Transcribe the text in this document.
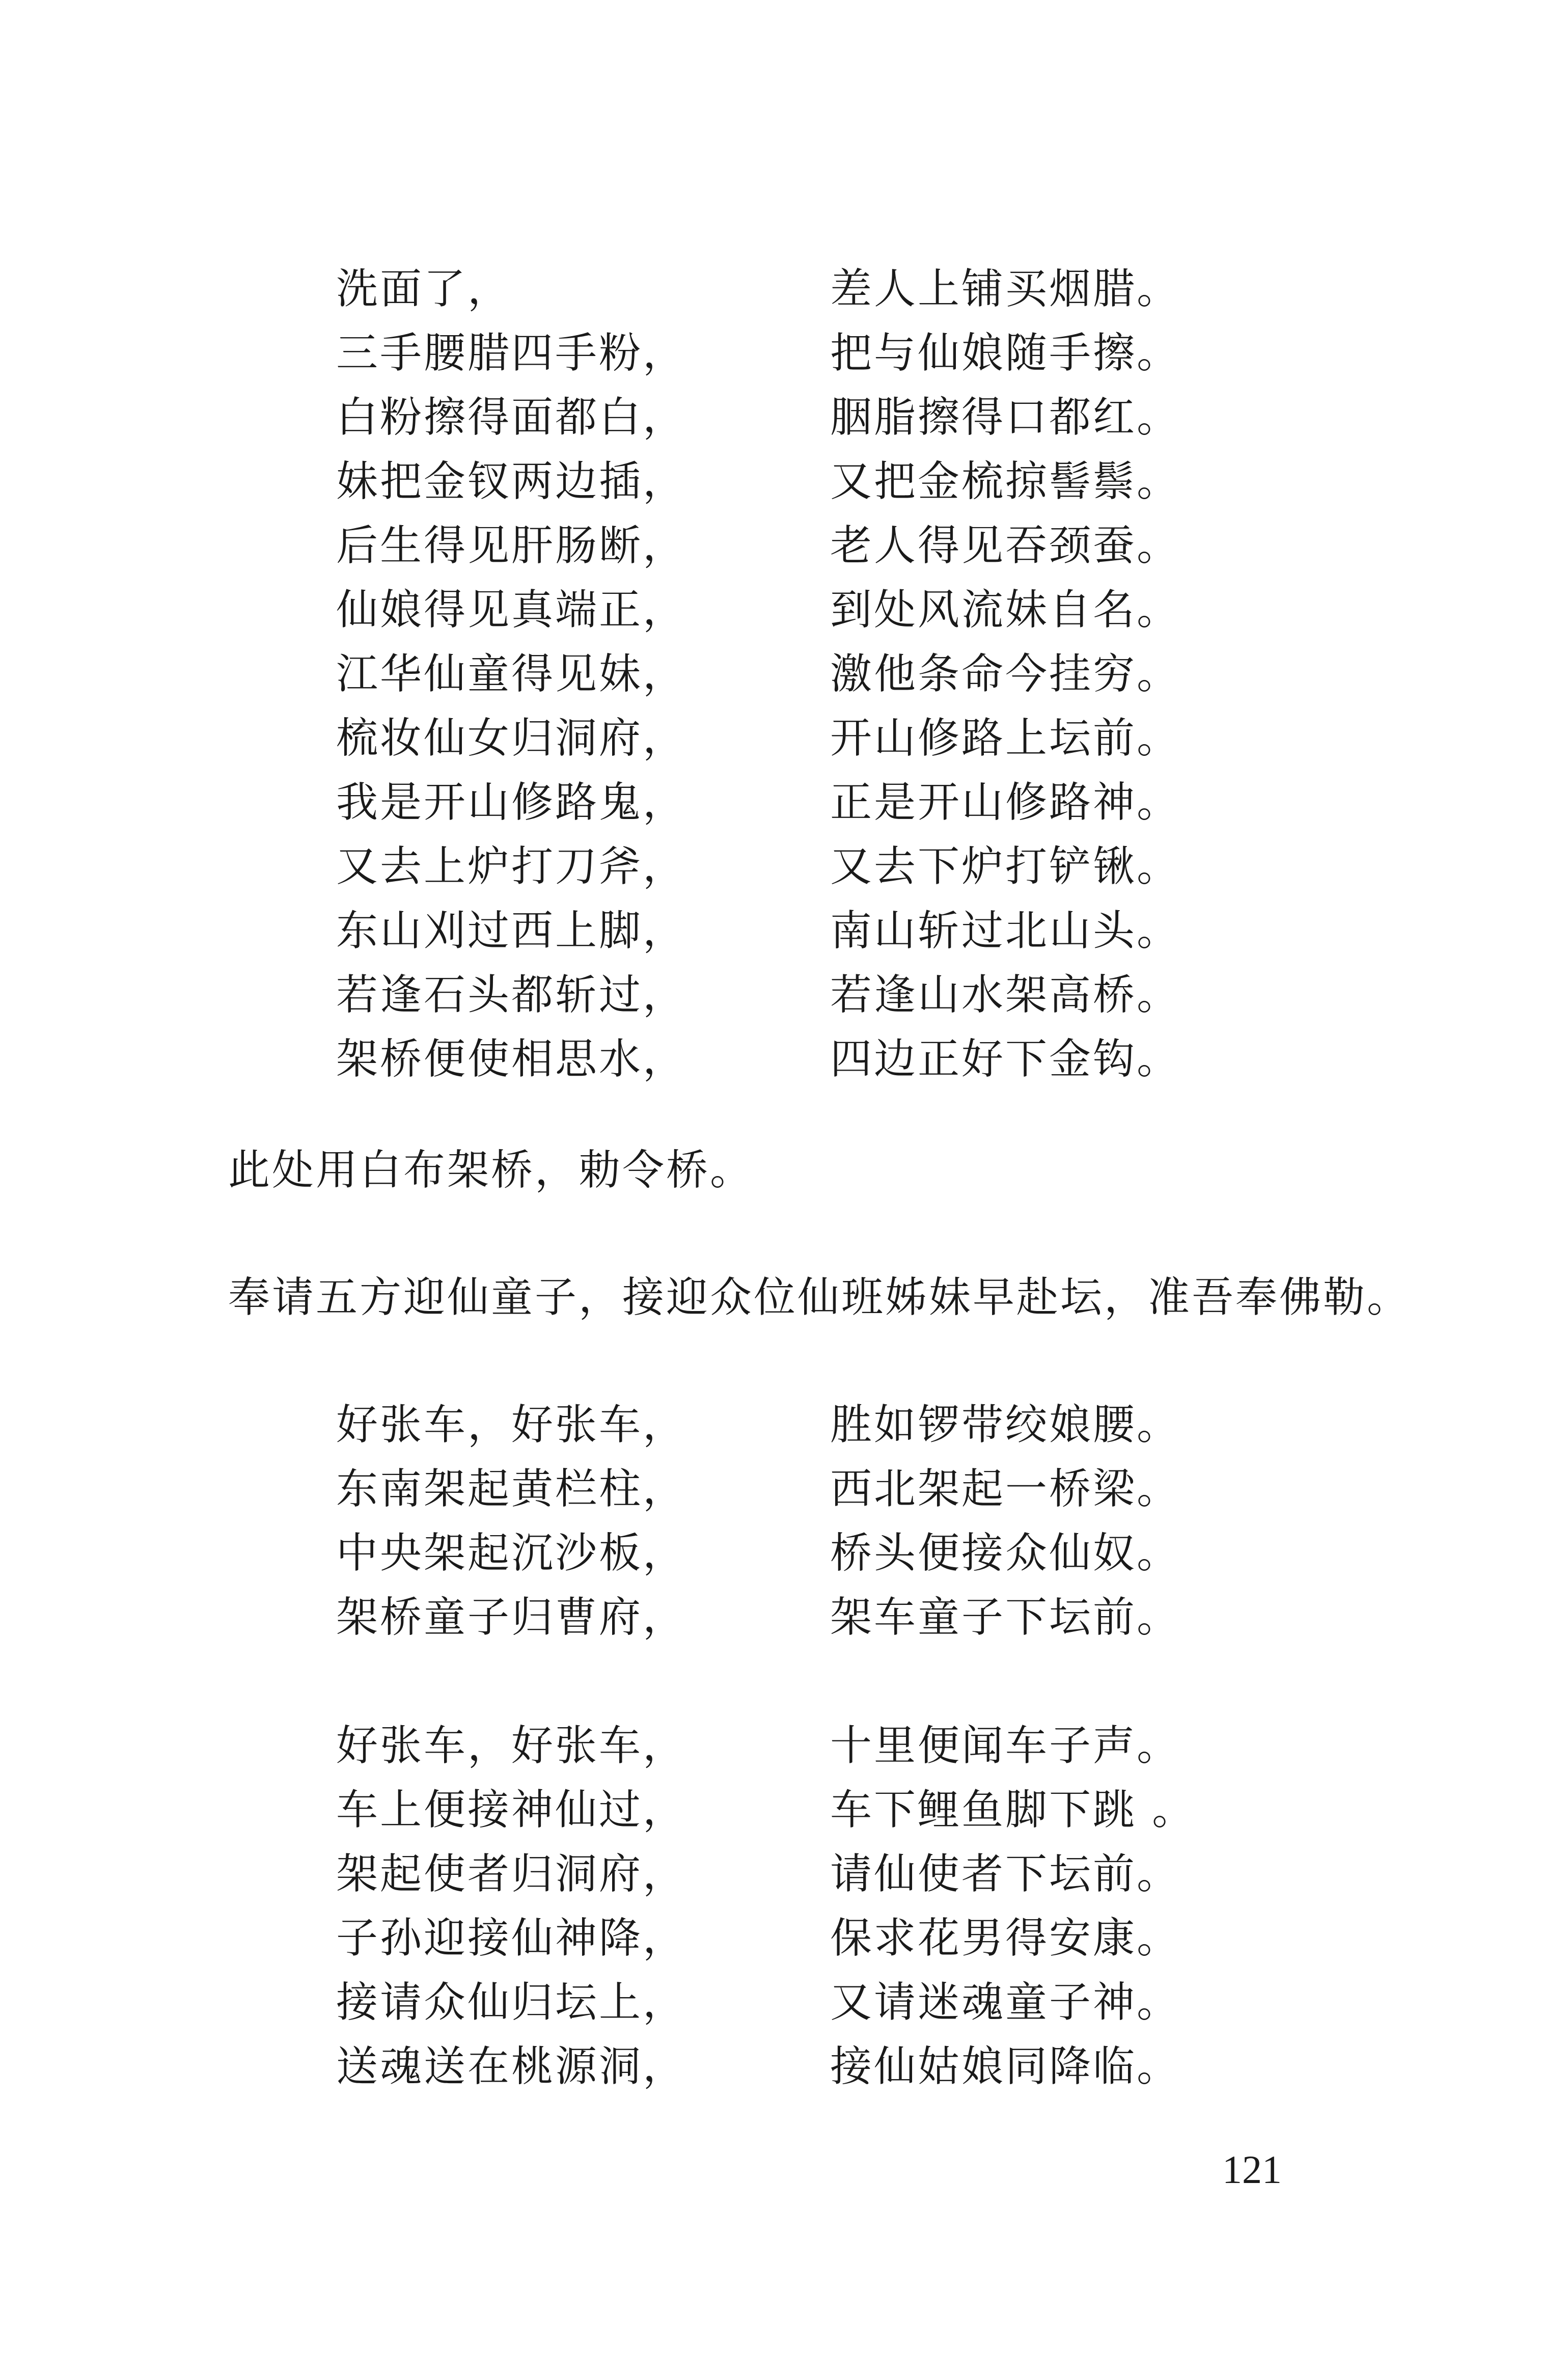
洗面了，	差人上铺买烟腊。
三手腰腊四手粉，	把与仙娘随手擦。
白粉擦得面都白，	胭脂擦得口都红。
妹把金钗两边插，	又把金梳掠髻鬃。
后生得见肝肠断，	老人得见吞颈蚕。
仙娘得见真端正，	到处风流妹自名。
江华仙童得见妹，	激他条命今挂穷。
梳妆仙女归洞府，	开山修路上坛前。
我是开山修路鬼，	正是开山修路神。
又去上炉打刀斧，	又去下炉打铲锹。
东山刈过西上脚，	南山斩过北山头。
若逢石头都斩过，	若逢山水架高桥。
架桥便使相思水，	四边正好下金钩。
此处用白布架桥，勅令桥。
奉请五方迎仙童子，接迎众位仙班姊妹早赴坛，准吾奉佛勒。
好张车，好张车，	胜如锣带绞娘腰。
东南架起黄栏柱，	西北架起一桥梁。
中央架起沉沙板，	桥头便接众仙奴。
架桥童子归曹府，	架车童子下坛前。
好张车，好张车，	十里便闻车子声。
车上便接神仙过，	车下鲤鱼脚下跳 。
架起使者归洞府，	请仙使者下坛前。
子孙迎接仙神降，	保求花男得安康。
接请众仙归坛上，	又请迷魂童子神。
送魂送在桃源洞，	接仙姑娘同降临。
121
